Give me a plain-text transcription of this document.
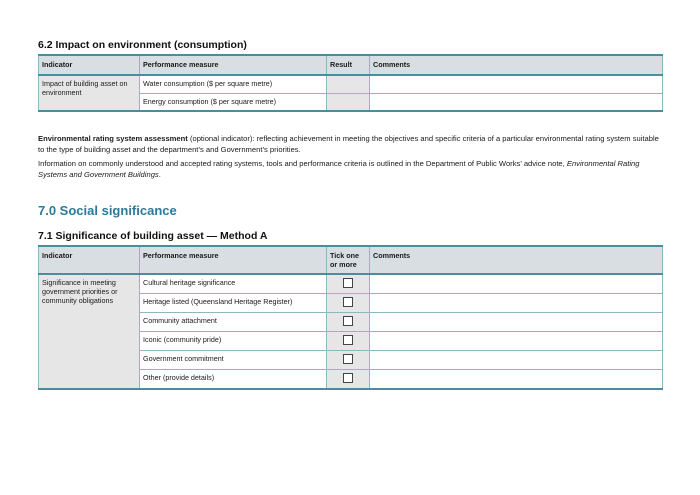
6.2 Impact on environment (consumption)
Indicator	Performance measure	Result	Comments
Impact of building asset on environment	Water consumption ($ per square metre)		
	Energy consumption ($ per square metre)		

Environmental rating system assessment (optional indicator): reflecting achievement in meeting the objectives and specific criteria of a particular environmental rating system suitable to the type of building asset and the department’s and Government’s priorities.

Information on commonly understood and accepted rating systems, tools and performance criteria is outlined in the Department of Public Works’ advice note, Environmental Rating Systems and Government Buildings.

7.0 Social significance
7.1 Significance of building asset — Method A
Indicator	Performance measure	Tick one or more	Comments
Significance in meeting government priorities or community obligations	Cultural heritage significance		
	Heritage listed (Queensland Heritage Register)		
	Community attachment		
	Iconic (community pride)		
	Government commitment		
	Other (provide details)		
